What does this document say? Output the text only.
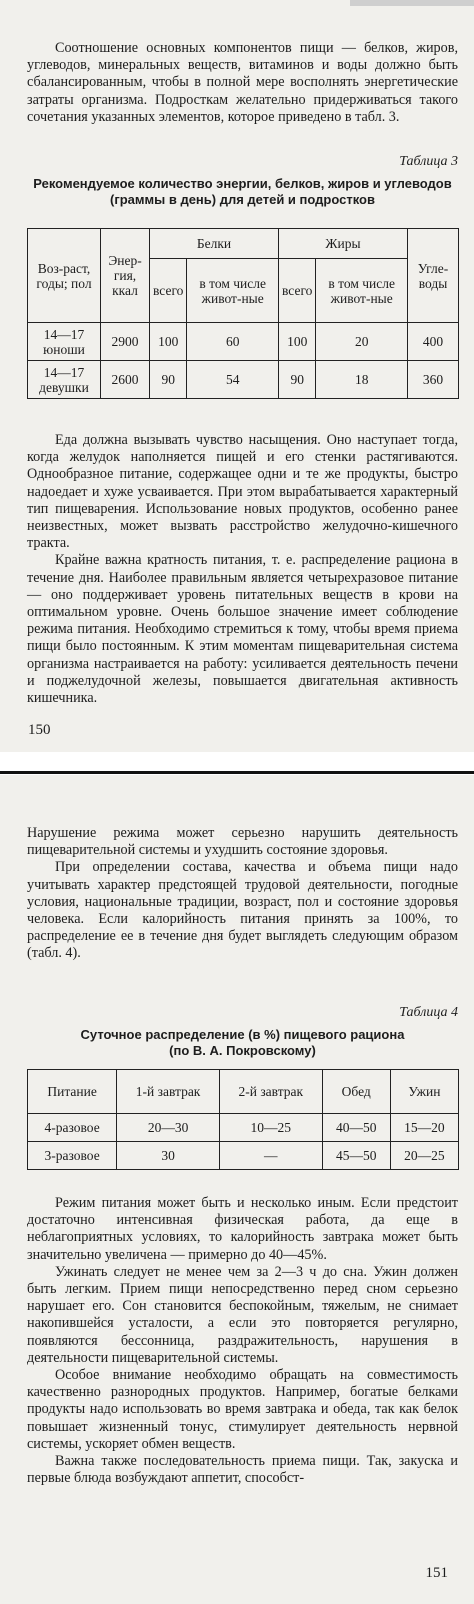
Соотношение основных компонентов пищи — белков, жиров, углеводов, минеральных веществ, витаминов и воды должно быть сбалансированным, чтобы в полной мере восполнять энергетические затраты организма. Подросткам желательно придерживаться такого сочетания указанных элементов, которое приведено в табл. 3.

Таблица 3
Рекомендуемое количество энергии, белков, жиров и углеводов (граммы в день) для детей и подростков
Воз-раст, годы; пол	Энер-гия, ккал	Белки		Жиры		Угле-воды
		всего	в том числе живот-ные	всего	в том числе живот-ные	
14—17 юноши	2900	100	60	100	20	400
14—17 девушки	2600	90	54	90	18	360

Еда должна вызывать чувство насыщения. Оно наступает тогда, когда желудок наполняется пищей и его стенки растягиваются. Однообразное питание, содержащее одни и те же продукты, быстро надоедает и хуже усваивается. При этом вырабатывается характерный тип пищеварения. Использование новых продуктов, особенно ранее неизвестных, может вызвать расстройство желудочно-кишечного тракта.

Крайне важна кратность питания, т. е. распределение рациона в течение дня. Наиболее правильным является четырехразовое питание — оно поддерживает уровень питательных веществ в крови на оптимальном уровне. Очень большое значение имеет соблюдение режима питания. Необходимо стремиться к тому, чтобы время приема пищи было постоянным. К этим моментам пищеварительная система организма настраивается на работу: усиливается деятельность печени и поджелудочной железы, повышается двигательная активность кишечника.

150

Нарушение режима может серьезно нарушить деятельность пищеварительной системы и ухудшить состояние здоровья.

При определении состава, качества и объема пищи надо учитывать характер предстоящей трудовой деятельности, погодные условия, национальные традиции, возраст, пол и состояние здоровья человека. Если калорийность питания принять за 100%, то распределение ее в течение дня будет выглядеть следующим образом (табл. 4).

Таблица 4
Суточное распределение (в %) пищевого рациона
(по В. А. Покровскому)
Питание	1-й завтрак	2-й завтрак	Обед	Ужин
4-разовое	20—30	10—25	40—50	15—20
3-разовое	30	—	45—50	20—25

Режим питания может быть и несколько иным. Если предстоит достаточно интенсивная физическая работа, да еще в неблагоприятных условиях, то калорийность завтрака может быть значительно увеличена — примерно до 40—45%.

Ужинать следует не менее чем за 2—3 ч до сна. Ужин должен быть легким. Прием пищи непосредственно перед сном серьезно нарушает его. Сон становится беспокойным, тяжелым, не снимает накопившейся усталости, а если это повторяется регулярно, появляются бессонница, раздражительность, нарушения в деятельности пищеварительной системы.

Особое внимание необходимо обращать на совместимость качественно разнородных продуктов. Например, богатые белками продукты надо использовать во время завтрака и обеда, так как белок повышает жизненный тонус, стимулирует деятельность нервной системы, ускоряет обмен веществ.

Важна также последовательность приема пищи. Так, закуска и первые блюда возбуждают аппетит, способст-

151
